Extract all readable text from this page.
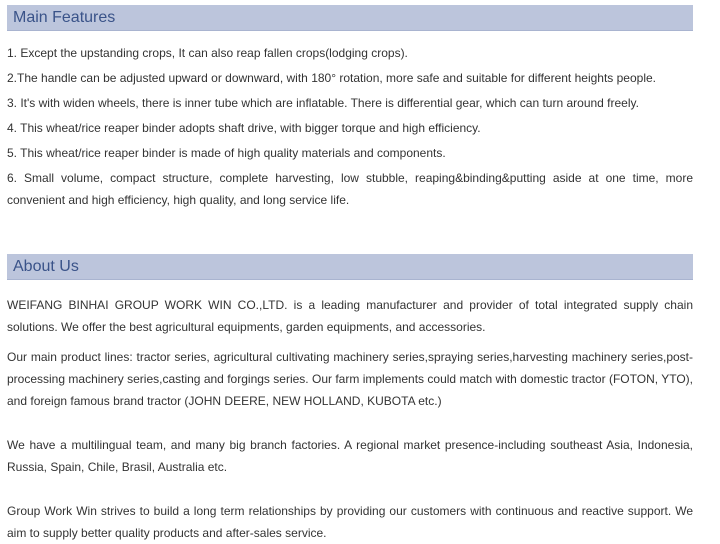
Main Features
1. Except the upstanding crops, It can also reap fallen crops(lodging crops).
2.The handle can be adjusted upward or downward, with 180° rotation, more safe and suitable for different heights people.
3. It's with widen wheels, there is inner tube which are inflatable. There is differential gear, which can turn around freely.
4. This wheat/rice reaper binder adopts shaft drive, with bigger torque and high efficiency.
5. This wheat/rice reaper binder is made of high quality materials and components.
6. Small volume, compact structure, complete harvesting, low stubble, reaping&binding&putting aside at one time, more convenient and high efficiency, high quality, and long service life.
About Us
WEIFANG BINHAI GROUP WORK WIN CO.,LTD. is a leading manufacturer and provider of total integrated supply chain solutions. We offer the best agricultural equipments, garden equipments, and accessories.
Our main product lines: tractor series, agricultural cultivating machinery series,spraying series,harvesting machinery series,post-processing machinery series,casting and forgings series. Our farm implements could match with domestic tractor (FOTON, YTO), and foreign famous brand tractor (JOHN DEERE, NEW HOLLAND, KUBOTA etc.)
We have a multilingual team, and many big branch factories. A regional market presence-including southeast Asia, Indonesia, Russia, Spain, Chile, Brasil, Australia etc.
Group Work Win strives to build a long term relationships by providing our customers with continuous and reactive support. We aim to supply better quality products and after-sales service.
